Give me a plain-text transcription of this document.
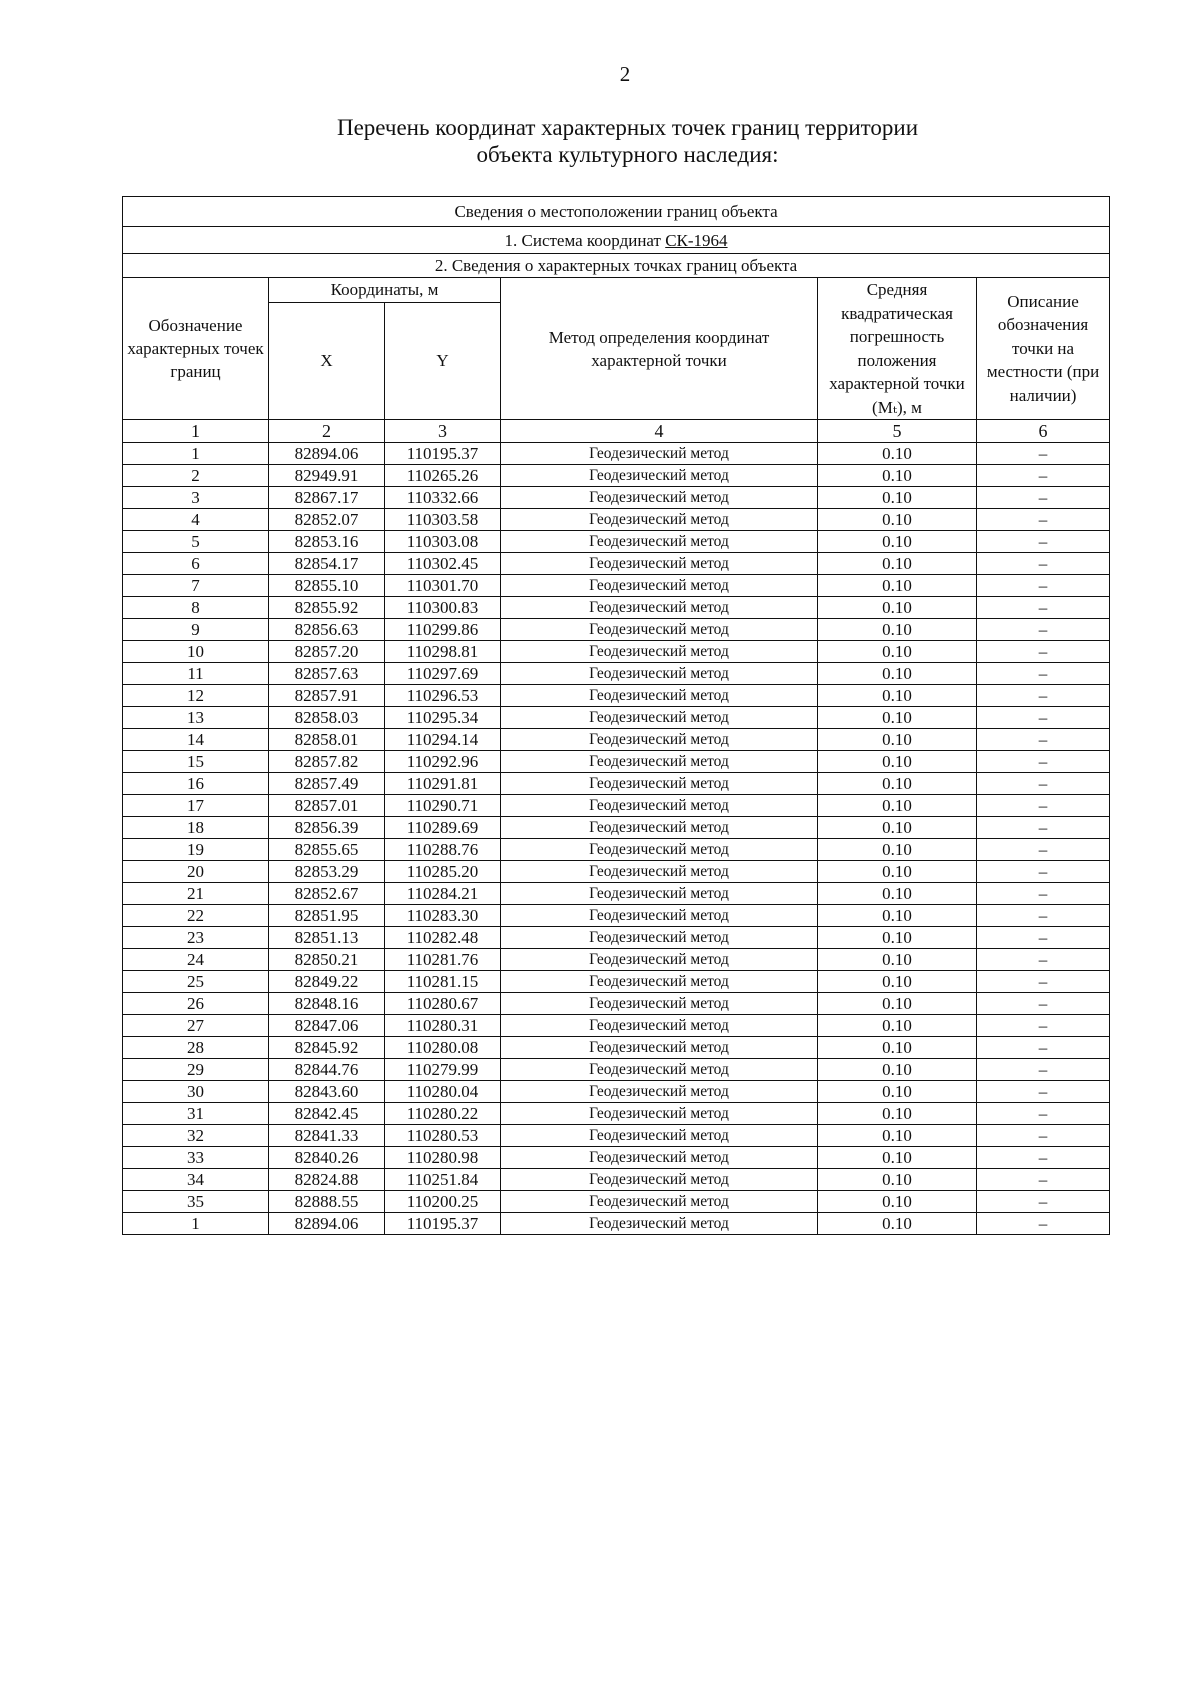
2
Перечень координат характерных точек границ территории
объекта культурного наследия:
Сведения о местоположении границ объекта					
1. Система координат СК-1964					
2. Сведения о характерных точках границ объекта					
Обозначение характерных точек границ	Координаты, м		Метод определения координат характерной точки	Средняя квадратическая погрешность положения характерной точки (Mₜ), м	Описание обозначения точки на местности (при наличии)
	X	Y			
1	2	3	4	5	6
1	82894.06	110195.37	Геодезический метод	0.10	–
2	82949.91	110265.26	Геодезический метод	0.10	–
3	82867.17	110332.66	Геодезический метод	0.10	–
4	82852.07	110303.58	Геодезический метод	0.10	–
5	82853.16	110303.08	Геодезический метод	0.10	–
6	82854.17	110302.45	Геодезический метод	0.10	–
7	82855.10	110301.70	Геодезический метод	0.10	–
8	82855.92	110300.83	Геодезический метод	0.10	–
9	82856.63	110299.86	Геодезический метод	0.10	–
10	82857.20	110298.81	Геодезический метод	0.10	–
11	82857.63	110297.69	Геодезический метод	0.10	–
12	82857.91	110296.53	Геодезический метод	0.10	–
13	82858.03	110295.34	Геодезический метод	0.10	–
14	82858.01	110294.14	Геодезический метод	0.10	–
15	82857.82	110292.96	Геодезический метод	0.10	–
16	82857.49	110291.81	Геодезический метод	0.10	–
17	82857.01	110290.71	Геодезический метод	0.10	–
18	82856.39	110289.69	Геодезический метод	0.10	–
19	82855.65	110288.76	Геодезический метод	0.10	–
20	82853.29	110285.20	Геодезический метод	0.10	–
21	82852.67	110284.21	Геодезический метод	0.10	–
22	82851.95	110283.30	Геодезический метод	0.10	–
23	82851.13	110282.48	Геодезический метод	0.10	–
24	82850.21	110281.76	Геодезический метод	0.10	–
25	82849.22	110281.15	Геодезический метод	0.10	–
26	82848.16	110280.67	Геодезический метод	0.10	–
27	82847.06	110280.31	Геодезический метод	0.10	–
28	82845.92	110280.08	Геодезический метод	0.10	–
29	82844.76	110279.99	Геодезический метод	0.10	–
30	82843.60	110280.04	Геодезический метод	0.10	–
31	82842.45	110280.22	Геодезический метод	0.10	–
32	82841.33	110280.53	Геодезический метод	0.10	–
33	82840.26	110280.98	Геодезический метод	0.10	–
34	82824.88	110251.84	Геодезический метод	0.10	–
35	82888.55	110200.25	Геодезический метод	0.10	–
1	82894.06	110195.37	Геодезический метод	0.10	–
